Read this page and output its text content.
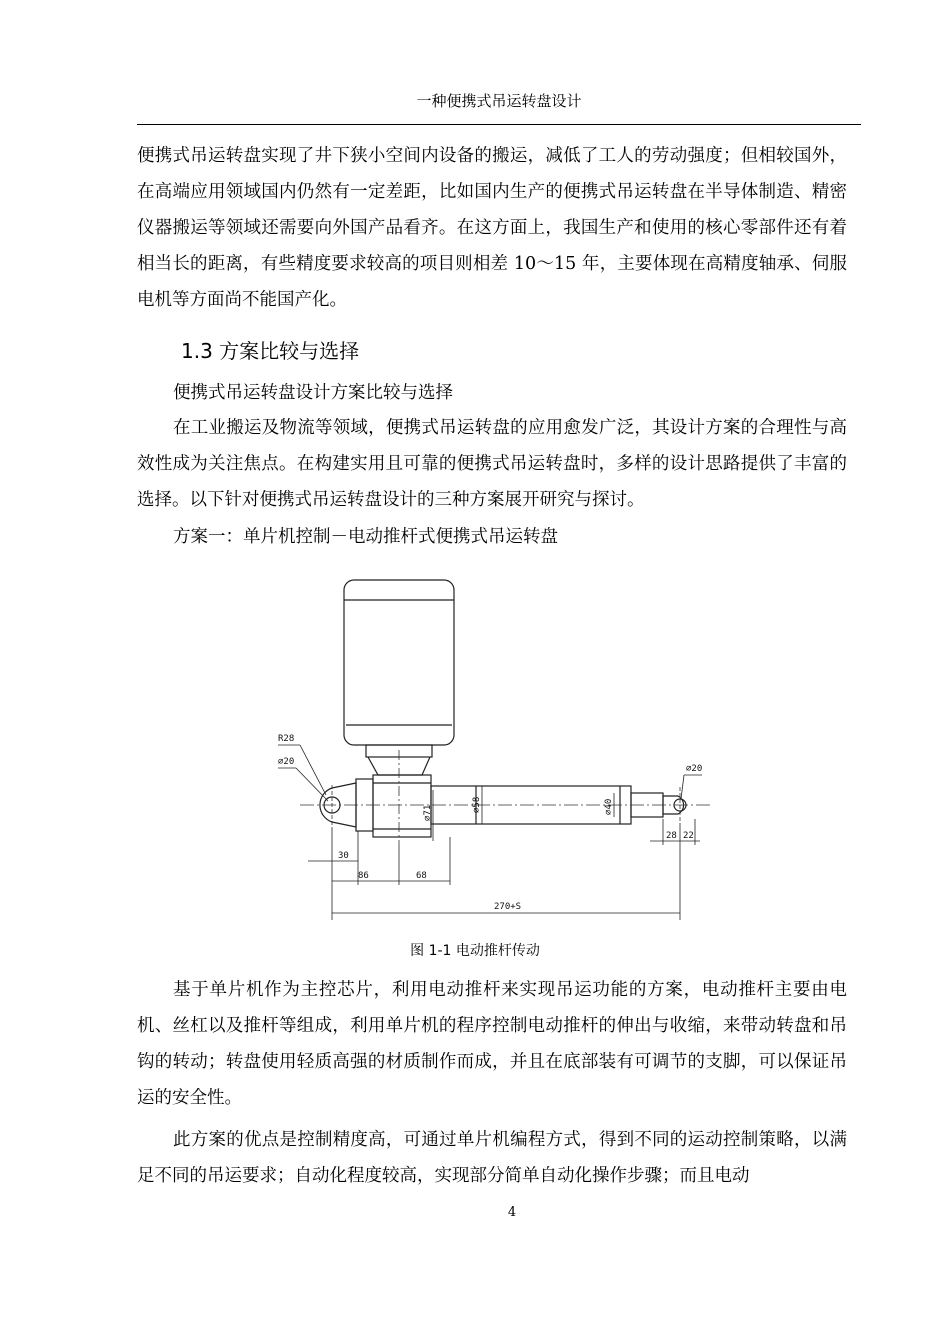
一种便携式吊运转盘设计

便携式吊运转盘实现了井下狭小空间内设备的搬运，减低了工人的劳动强度；但相较国外，在高端应用领域国内仍然有一定差距，比如国内生产的便携式吊运转盘在半导体制造、精密仪器搬运等领域还需要向外国产品看齐。在这方面上，我国生产和使用的核心零部件还有着相当长的距离，有些精度要求较高的项目则相差 10～15 年，主要体现在高精度轴承、伺服电机等方面尚不能国产化。

1.3 方案比较与选择

便携式吊运转盘设计方案比较与选择

在工业搬运及物流等领域，便携式吊运转盘的应用愈发广泛，其设计方案的合理性与高效性成为关注焦点。在构建实用且可靠的便携式吊运转盘时，多样的设计思路提供了丰富的选择。以下针对便携式吊运转盘设计的三种方案展开研究与探讨。

方案一：单片机控制－电动推杆式便携式吊运转盘

R28
⌀20
⌀20
⌀71	⌀58	⌀40
30
86	68
28 22
270+S
图 1-1 电动推杆传动

基于单片机作为主控芯片，利用电动推杆来实现吊运功能的方案，电动推杆主要由电机、丝杠以及推杆等组成，利用单片机的程序控制电动推杆的伸出与收缩，来带动转盘和吊钩的转动；转盘使用轻质高强的材质制作而成，并且在底部装有可调节的支脚，可以保证吊运的安全性。

此方案的优点是控制精度高，可通过单片机编程方式，得到不同的运动控制策略，以满足不同的吊运要求；自动化程度较高，实现部分简单自动化操作步骤；而且电动

4
